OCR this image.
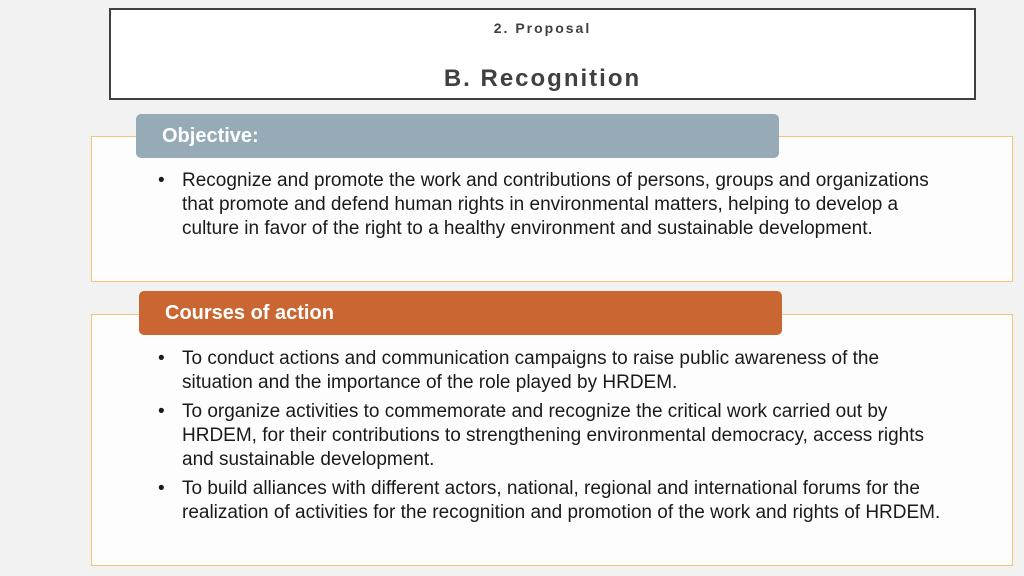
2. Proposal
B. Recognition
• Recognize and promote the work and contributions of persons, groups and organizations that promote and defend human rights in environmental matters, helping to develop a culture in favor of the right to a healthy environment and sustainable development.
Objective:
• To conduct actions and communication campaigns to raise public awareness of the situation and the importance of the role played by HRDEM.
• To organize activities to commemorate and recognize the critical work carried out by HRDEM, for their contributions to strengthening environmental democracy, access rights and sustainable development.
• To build alliances with different actors, national, regional and international forums for the realization of activities for the recognition and promotion of the work and rights of HRDEM.
Courses of action
